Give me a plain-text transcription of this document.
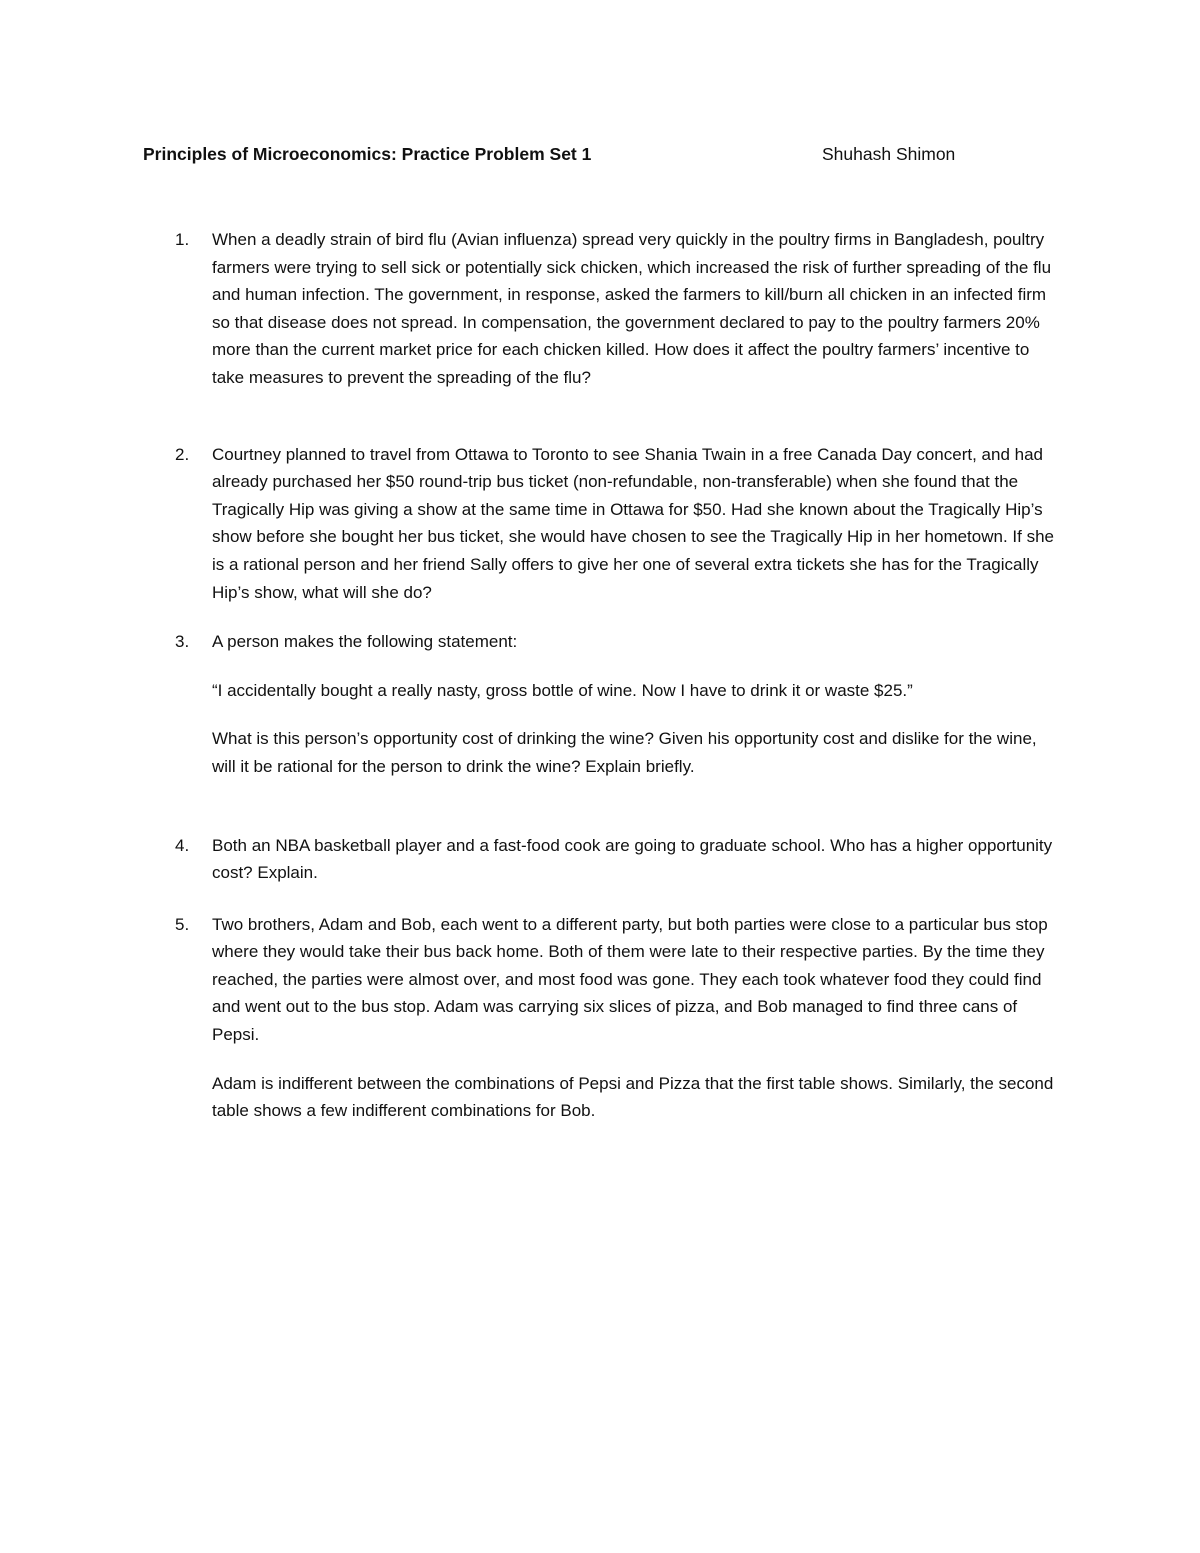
Principles of Microeconomics: Practice Problem Set 1	Shuhash Shimon
1. When a deadly strain of bird flu (Avian influenza) spread very quickly in the poultry firms in Bangladesh, poultry farmers were trying to sell sick or potentially sick chicken, which increased the risk of further spreading of the flu and human infection. The government, in response, asked the farmers to kill/burn all chicken in an infected firm so that disease does not spread. In compensation, the government declared to pay to the poultry farmers 20% more than the current market price for each chicken killed. How does it affect the poultry farmers’ incentive to take measures to prevent the spreading of the flu?

2. Courtney planned to travel from Ottawa to Toronto to see Shania Twain in a free Canada Day concert, and had already purchased her $50 round-trip bus ticket (non-refundable, non-transferable) when she found that the Tragically Hip was giving a show at the same time in Ottawa for $50. Had she known about the Tragically Hip’s show before she bought her bus ticket, she would have chosen to see the Tragically Hip in her hometown. If she is a rational person and her friend Sally offers to give her one of several extra tickets she has for the Tragically Hip’s show, what will she do?

3. A person makes the following statement:

“I accidentally bought a really nasty, gross bottle of wine. Now I have to drink it or waste $25.”

What is this person’s opportunity cost of drinking the wine? Given his opportunity cost and dislike for the wine, will it be rational for the person to drink the wine? Explain briefly.

4. Both an NBA basketball player and a fast-food cook are going to graduate school. Who has a higher opportunity cost? Explain.

5. Two brothers, Adam and Bob, each went to a different party, but both parties were close to a particular bus stop where they would take their bus back home. Both of them were late to their respective parties. By the time they reached, the parties were almost over, and most food was gone. They each took whatever food they could find and went out to the bus stop. Adam was carrying six slices of pizza, and Bob managed to find three cans of Pepsi.

Adam is indifferent between the combinations of Pepsi and Pizza that the first table shows. Similarly, the second table shows a few indifferent combinations for Bob.
